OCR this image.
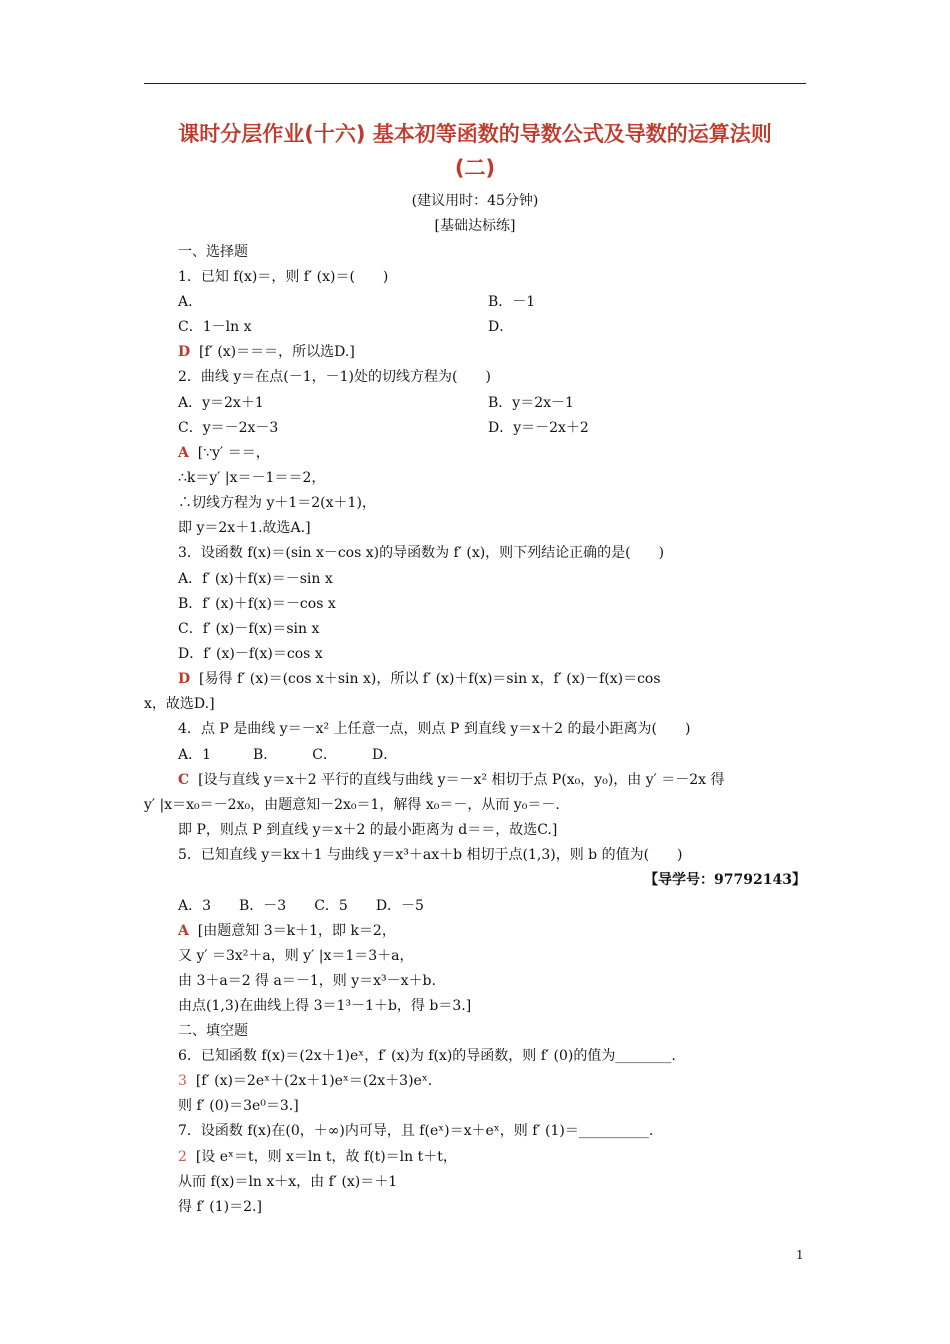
课时分层作业(十六) 基本初等函数的导数公式及导数的运算法则
(二)
(建议用时：45分钟)
[基础达标练]
一、选择题
1．已知 f(x)＝，则 f′ (x)＝(　　)
A．	B．－1
C．1－ln x	D．
D [f′ (x)＝＝＝，所以选D.]
2．曲线 y＝在点(－1，－1)处的切线方程为(　　)
A．y＝2x＋1	B．y＝2x－1
C．y＝－2x－3	D．y＝－2x＋2
A [∵y′ ＝＝，
∴k＝y′ |x＝－1＝＝2，
∴切线方程为 y＋1＝2(x＋1)，
即 y＝2x＋1.故选A.]
3．设函数 f(x)＝(sin x－cos x)的导函数为 f′ (x)，则下列结论正确的是(　　)
A．f′ (x)＋f(x)＝－sin x
B．f′ (x)＋f(x)＝－cos x
C．f′ (x)－f(x)＝sin x
D．f′ (x)－f(x)＝cos x
D [易得 f′ (x)＝(cos x＋sin x)，所以 f′ (x)＋f(x)＝sin x，f′ (x)－f(x)＝cos
x，故选D.]
4．点 P 是曲线 y＝－x² 上任意一点，则点 P 到直线 y＝x＋2 的最小距离为(　　)
A．1　　　B．　　　C．　　　D．
C [设与直线 y＝x＋2 平行的直线与曲线 y＝－x² 相切于点 P(x₀，y₀)，由 y′ ＝－2x 得
y′ |x＝x₀＝－2x₀，由题意知－2x₀＝1，解得 x₀＝－，从而 y₀＝－.
即 P，则点 P 到直线 y＝x＋2 的最小距离为 d＝＝，故选C.]
5．已知直线 y＝kx＋1 与曲线 y＝x³＋ax＋b 相切于点(1,3)，则 b 的值为(　　)
【导学号：97792143】
A．3　　B．－3　　C．5　　D．－5
A [由题意知 3＝k＋1，即 k＝2，
又 y′ ＝3x²＋a，则 y′ |x＝1＝3＋a，
由 3＋a＝2 得 a＝－1，则 y＝x³－x＋b.
由点(1,3)在曲线上得 3＝1³－1＋b，得 b＝3.]
二、填空题
6．已知函数 f(x)＝(2x＋1)eˣ，f′ (x)为 f(x)的导函数，则 f′ (0)的值为________.
3 [f′ (x)＝2eˣ＋(2x＋1)eˣ＝(2x＋3)eˣ.
则 f′ (0)＝3e⁰＝3.]
7．设函数 f(x)在(0，＋∞)内可导，且 f(eˣ)＝x＋eˣ，则 f′ (1)＝__________.
2 [设 eˣ＝t，则 x＝ln t，故 f(t)＝ln t＋t，
从而 f(x)＝ln x＋x，由 f′ (x)＝＋1
得 f′ (1)＝2.]
1
